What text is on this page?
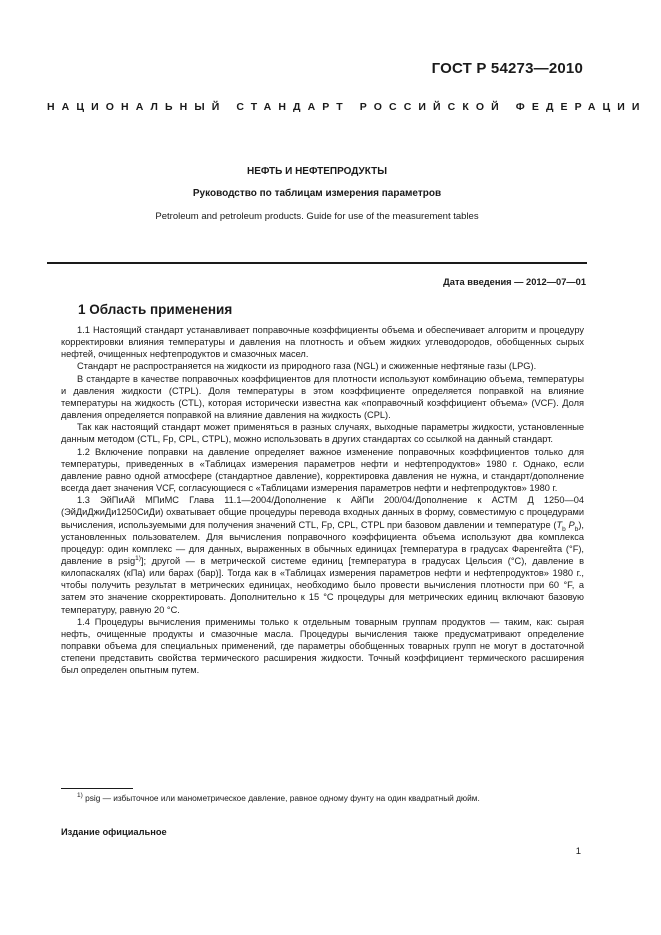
ГОСТ Р 54273—2010
НАЦИОНАЛЬНЫЙ СТАНДАРТ РОССИЙСКОЙ ФЕДЕРАЦИИ
НЕФТЬ И НЕФТЕПРОДУКТЫ
Руководство по таблицам измерения параметров
Petroleum and petroleum products. Guide for use of the measurement tables
Дата введения — 2012—07—01
1 Область применения

1.1 Настоящий стандарт устанавливает поправочные коэффициенты объема и обеспечивает алгоритм и процедуру корректировки влияния температуры и давления на плотность и объем жидких углеводородов, обобщенных сырых нефтей, очищенных нефтепродуктов и смазочных масел.

Стандарт не распространяется на жидкости из природного газа (NGL) и сжиженные нефтяные газы (LPG).

В стандарте в качестве поправочных коэффициентов для плотности используют комбинацию объема, температуры и давления жидкости (CTPL). Доля температуры в этом коэффициенте определяется поправкой на влияние температуры на жидкость (CTL), которая исторически известна как «поправочный коэффициент объема» (VCF). Доля давления определяется поправкой на влияние давления на жидкость (CPL).

Так как настоящий стандарт может применяться в разных случаях, выходные параметры жидкости, установленные данным методом (CTL, Fp, CPL, CTPL), можно использовать в других стандартах со ссылкой на данный стандарт.

1.2 Включение поправки на давление определяет важное изменение поправочных коэффициентов только для температуры, приведенных в «Таблицах измерения параметров нефти и нефтепродуктов» 1980 г. Однако, если давление равно одной атмосфере (стандартное давление), корректировка давления не нужна, и стандарт/дополнение всегда дает значения VCF, согласующиеся с «Таблицами измерения параметров нефти и нефтепродуктов» 1980 г.

1.3 ЭйПиАй МПиМС Глава 11.1—2004/Дополнение к АйПи 200/04/Дополнение к АСТМ Д 1250—04 (ЭйДиДжиДи1250СиДи) охватывает общие процедуры перевода входных данных в форму, совместимую с процедурами вычисления, используемыми для получения значений CTL, Fp, CPL, CTPL при базовом давлении и температуре ($T_b$ $P_b$), установленных пользователем. Для вычисления поправочного коэффициента объема используют два комплекса процедур: один комплекс — для данных, выраженных в обычных единицах [температура в градусах Фаренгейта (°F), давление в psig$^{1)}$]; другой — в метрической системе единиц [температура в градусах Цельсия (°C), давление в килопаскалях (кПа) или барах (бар)]. Тогда как в «Таблицах измерения параметров нефти и нефтепродуктов» 1980 г., чтобы получить результат в метрических единицах, необходимо было провести вычисления плотности при 60 °F, а затем это значение скорректировать. Дополнительно к 15 °C процедуры для метрических единиц включают базовую температуру, равную 20 °C.

1.4 Процедуры вычисления применимы только к отдельным товарным группам продуктов — таким, как: сырая нефть, очищенные продукты и смазочные масла. Процедуры вычисления также предусматривают определение поправки объема для специальных применений, где параметры обобщенных товарных групп не могут в достаточной степени представить свойства термического расширения жидкости. Точный коэффициент термического расширения был определен опытным путем.

$^{1)}$ psig — избыточное или манометрическое давление, равное одному фунту на один квадратный дюйм.
Издание официальное
1
